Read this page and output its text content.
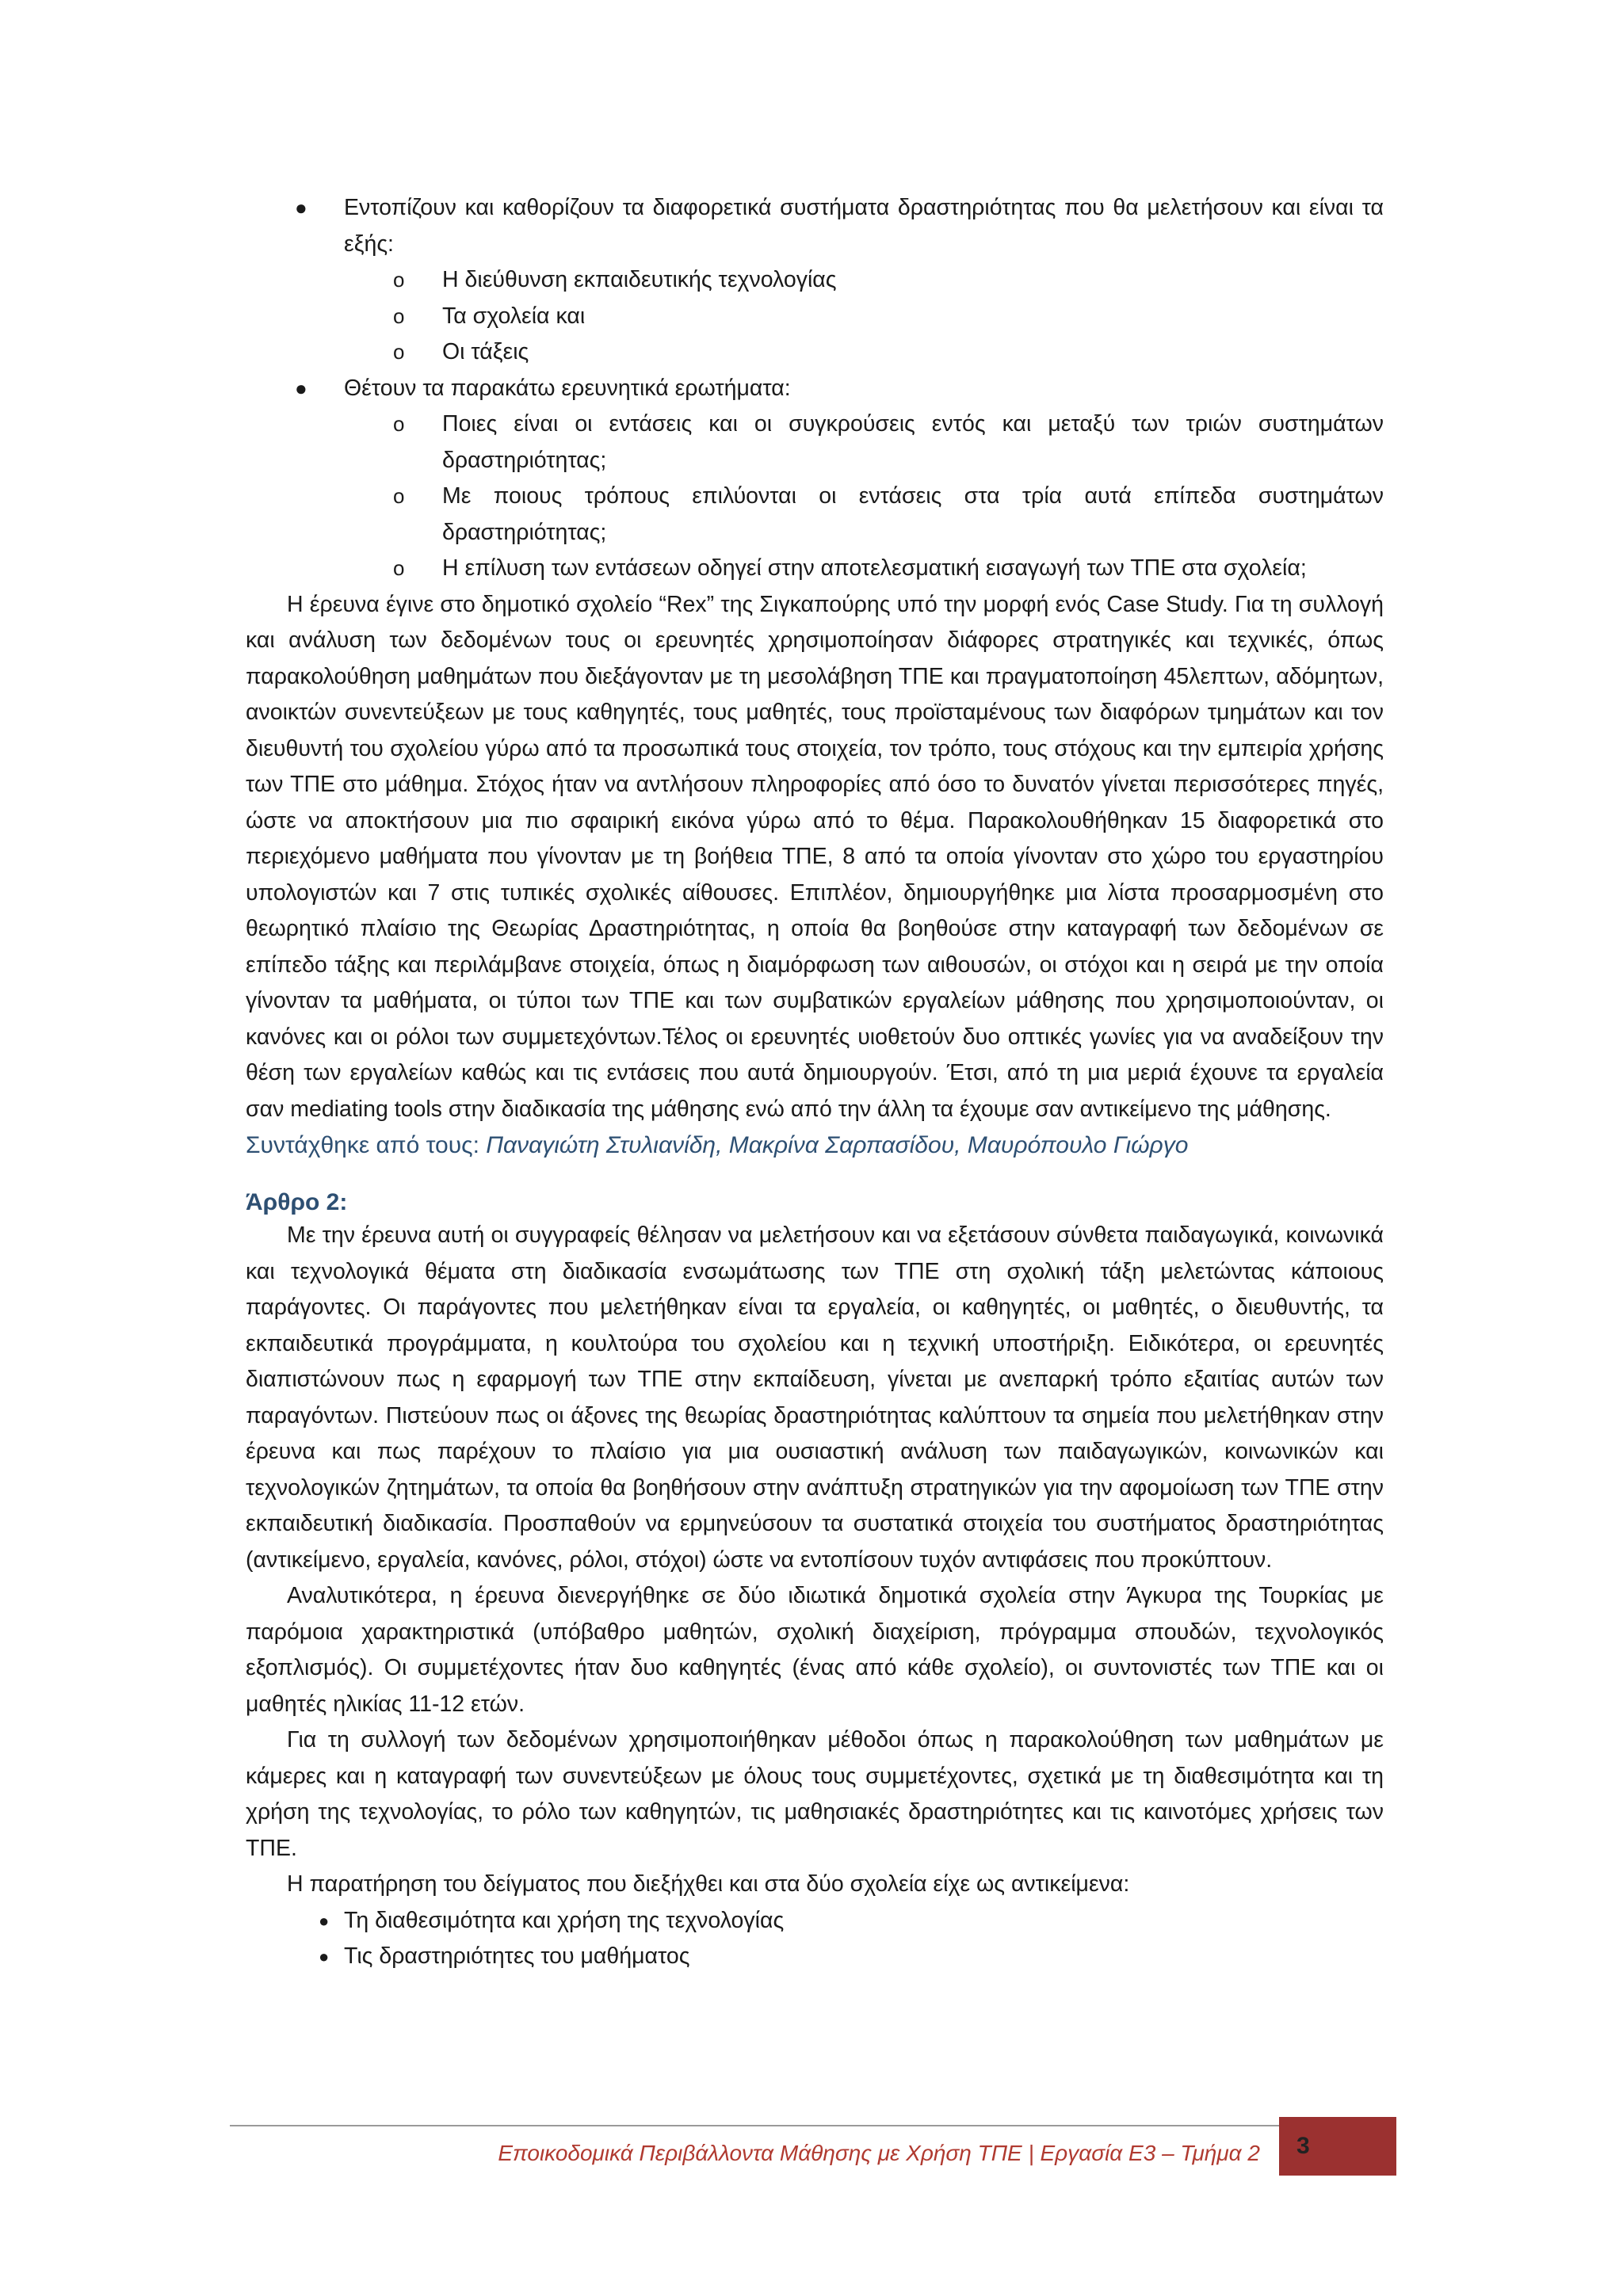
● Εντοπίζουν και καθορίζουν τα διαφορετικά συστήματα δραστηριότητας που θα μελετήσουν και είναι τα εξής:
o Η διεύθυνση εκπαιδευτικής τεχνολογίας
o Τα σχολεία και
o Οι τάξεις
● Θέτουν τα παρακάτω ερευνητικά ερωτήματα:
o Ποιες είναι οι εντάσεις και οι συγκρούσεις εντός και μεταξύ των τριών συστημάτων δραστηριότητας;
o Με ποιους τρόπους επιλύονται οι εντάσεις στα τρία αυτά επίπεδα συστημάτων δραστηριότητας;
o Η επίλυση των εντάσεων οδηγεί στην αποτελεσματική εισαγωγή των ΤΠΕ στα σχολεία;

Η έρευνα έγινε στο δημοτικό σχολείο “Rex” της Σιγκαπούρης υπό την μορφή ενός Case Study. Για τη συλλογή και ανάλυση των δεδομένων τους οι ερευνητές χρησιμοποίησαν διάφορες στρατηγικές και τεχνικές, όπως παρακολούθηση μαθημάτων που διεξάγονταν με τη μεσολάβηση ΤΠΕ και πραγματοποίηση 45λεπτων, αδόμητων, ανοικτών συνεντεύξεων με τους καθηγητές, τους μαθητές, τους προϊσταμένους των διαφόρων τμημάτων και τον διευθυντή του σχολείου γύρω από τα προσωπικά τους στοιχεία, τον τρόπο, τους στόχους και την εμπειρία χρήσης των ΤΠΕ στο μάθημα. Στόχος ήταν να αντλήσουν πληροφορίες από όσο το δυνατόν γίνεται περισσότερες πηγές, ώστε να αποκτήσουν μια πιο σφαιρική εικόνα γύρω από το θέμα. Παρακολουθήθηκαν 15 διαφορετικά στο περιεχόμενο μαθήματα που γίνονταν με τη βοήθεια ΤΠΕ, 8 από τα οποία γίνονταν στο χώρο του εργαστηρίου υπολογιστών και 7 στις τυπικές σχολικές αίθουσες. Επιπλέον, δημιουργήθηκε μια λίστα προσαρμοσμένη στο θεωρητικό πλαίσιο της Θεωρίας Δραστηριότητας, η οποία θα βοηθούσε στην καταγραφή των δεδομένων σε επίπεδο τάξης και περιλάμβανε στοιχεία, όπως η διαμόρφωση των αιθουσών, οι στόχοι και η σειρά με την οποία γίνονταν τα μαθήματα, οι τύποι των ΤΠΕ και των συμβατικών εργαλείων μάθησης που χρησιμοποιούνταν, οι κανόνες και οι ρόλοι των συμμετεχόντων.Τέλος οι ερευνητές υιοθετούν δυο οπτικές γωνίες για να αναδείξουν την θέση των εργαλείων καθώς και τις εντάσεις που αυτά δημιουργούν. Έτσι, από τη μια μεριά έχουνε τα εργαλεία σαν mediating tools στην διαδικασία της μάθησης ενώ από την άλλη τα έχουμε σαν αντικείμενο της μάθησης.

Συντάχθηκε από τους: Παναγιώτη Στυλιανίδη, Μακρίνα Σαρπασίδου, Μαυρόπουλο Γιώργο

Άρθρο 2:

Με την έρευνα αυτή οι συγγραφείς θέλησαν να μελετήσουν και να εξετάσουν σύνθετα παιδαγωγικά, κοινωνικά και τεχνολογικά θέματα στη διαδικασία ενσωμάτωσης των ΤΠΕ στη σχολική τάξη μελετώντας κάποιους παράγοντες. Οι παράγοντες που μελετήθηκαν είναι τα εργαλεία, οι καθηγητές, οι μαθητές, ο διευθυντής, τα εκπαιδευτικά προγράμματα, η κουλτούρα του σχολείου και η τεχνική υποστήριξη. Ειδικότερα, οι ερευνητές διαπιστώνουν πως η εφαρμογή των ΤΠΕ στην εκπαίδευση, γίνεται με ανεπαρκή τρόπο εξαιτίας αυτών των παραγόντων. Πιστεύουν πως οι άξονες της θεωρίας δραστηριότητας καλύπτουν τα σημεία που μελετήθηκαν στην έρευνα και πως παρέχουν το πλαίσιο για μια ουσιαστική ανάλυση των παιδαγωγικών, κοινωνικών και τεχνολογικών ζητημάτων, τα οποία θα βοηθήσουν στην ανάπτυξη στρατηγικών για την αφομοίωση των ΤΠΕ στην εκπαιδευτική διαδικασία. Προσπαθούν να ερμηνεύσουν τα συστατικά στοιχεία του συστήματος δραστηριότητας (αντικείμενο, εργαλεία, κανόνες, ρόλοι, στόχοι) ώστε να εντοπίσουν τυχόν αντιφάσεις που προκύπτουν.

Αναλυτικότερα, η έρευνα διενεργήθηκε σε δύο ιδιωτικά δημοτικά σχολεία στην Άγκυρα της Τουρκίας με παρόμοια χαρακτηριστικά (υπόβαθρο μαθητών, σχολική διαχείριση, πρόγραμμα σπουδών, τεχνολογικός εξοπλισμός). Οι συμμετέχοντες ήταν δυο καθηγητές (ένας από κάθε σχολείο), οι συντονιστές των ΤΠΕ και οι μαθητές ηλικίας 11-12 ετών.

Για τη συλλογή των δεδομένων χρησιμοποιήθηκαν μέθοδοι όπως η παρακολούθηση των μαθημάτων με κάμερες και η καταγραφή των συνεντεύξεων με όλους τους συμμετέχοντες, σχετικά με τη διαθεσιμότητα και τη χρήση της τεχνολογίας, το ρόλο των καθηγητών, τις μαθησιακές δραστηριότητες και τις καινοτόμες χρήσεις των ΤΠΕ.

Η παρατήρηση του δείγματος που διεξήχθει και στα δύο σχολεία είχε ως αντικείμενα:

● Τη διαθεσιμότητα και χρήση της τεχνολογίας
● Τις δραστηριότητες του μαθήματος
Εποικοδομικά Περιβάλλοντα Μάθησης με Χρήση ΤΠΕ | Εργασία Ε3 – Τμήμα 2	3
